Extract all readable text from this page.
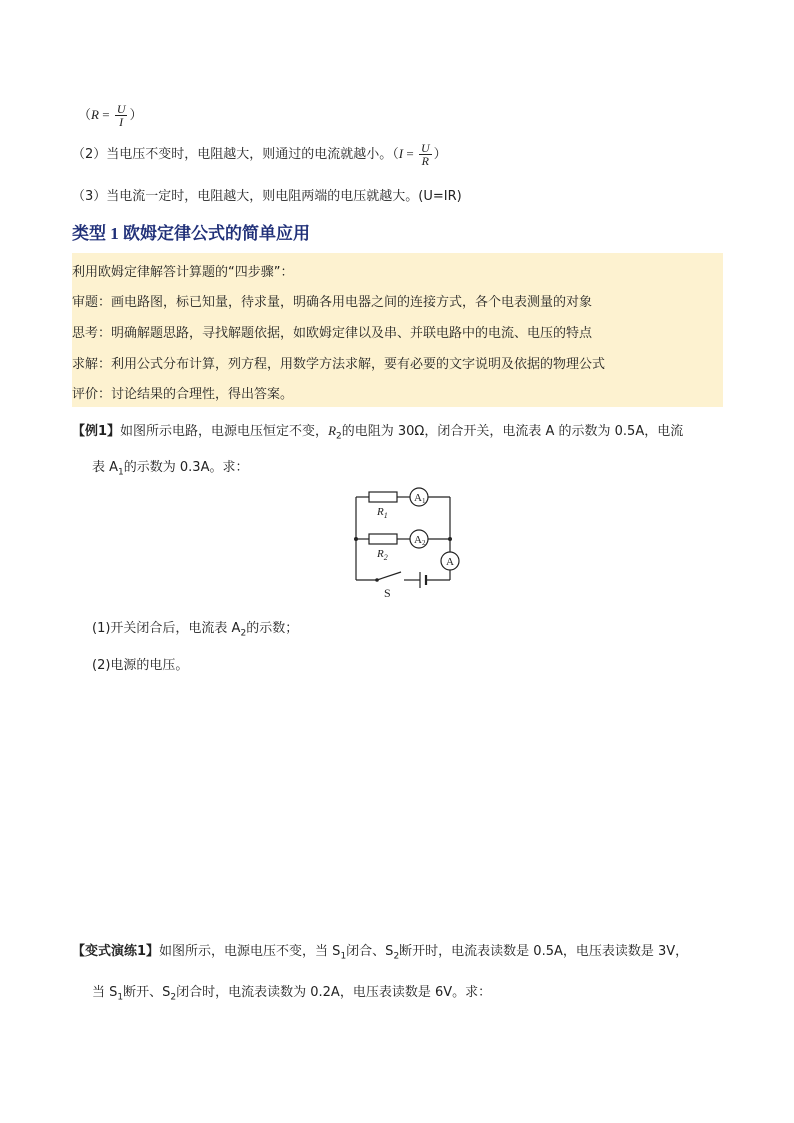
（$R = \frac{U}{I}$ ）
（2）当电压不变时，电阻越大，则通过的电流就越小。（$I = \frac{U}{R}$ ）
（3）当电流一定时，电阻越大，则电阻两端的电压就越大。(U=IR)
类型 1 欧姆定律公式的简单应用
利用欧姆定律解答计算题的“四步骤”：
审题：画电路图，标已知量，待求量，明确各用电器之间的连接方式，各个电表测量的对象
思考：明确解题思路，寻找解题依据，如欧姆定律以及串、并联电路中的电流、电压的特点
求解：利用公式分布计算，列方程，用数学方法求解，要有必要的文字说明及依据的物理公式
评价：讨论结果的合理性，得出答案。
【例1】如图所示电路，电源电压恒定不变，$R_2$的电阻为 30Ω，闭合开关，电流表 A 的示数为 0.5A，电流
表 $A_1$的示数为 0.3A。求：
$R_1$
$R_2$
A1
A2
A
S
(1)开关闭合后，电流表 $A_2$的示数；
(2)电源的电压。
【变式演练1】如图所示，电源电压不变，当 $S_1$闭合、$S_2$断开时，电流表读数是 0.5A，电压表读数是 3V，
当 $S_1$断开、$S_2$闭合时，电流表读数为 0.2A，电压表读数是 6V。求：
